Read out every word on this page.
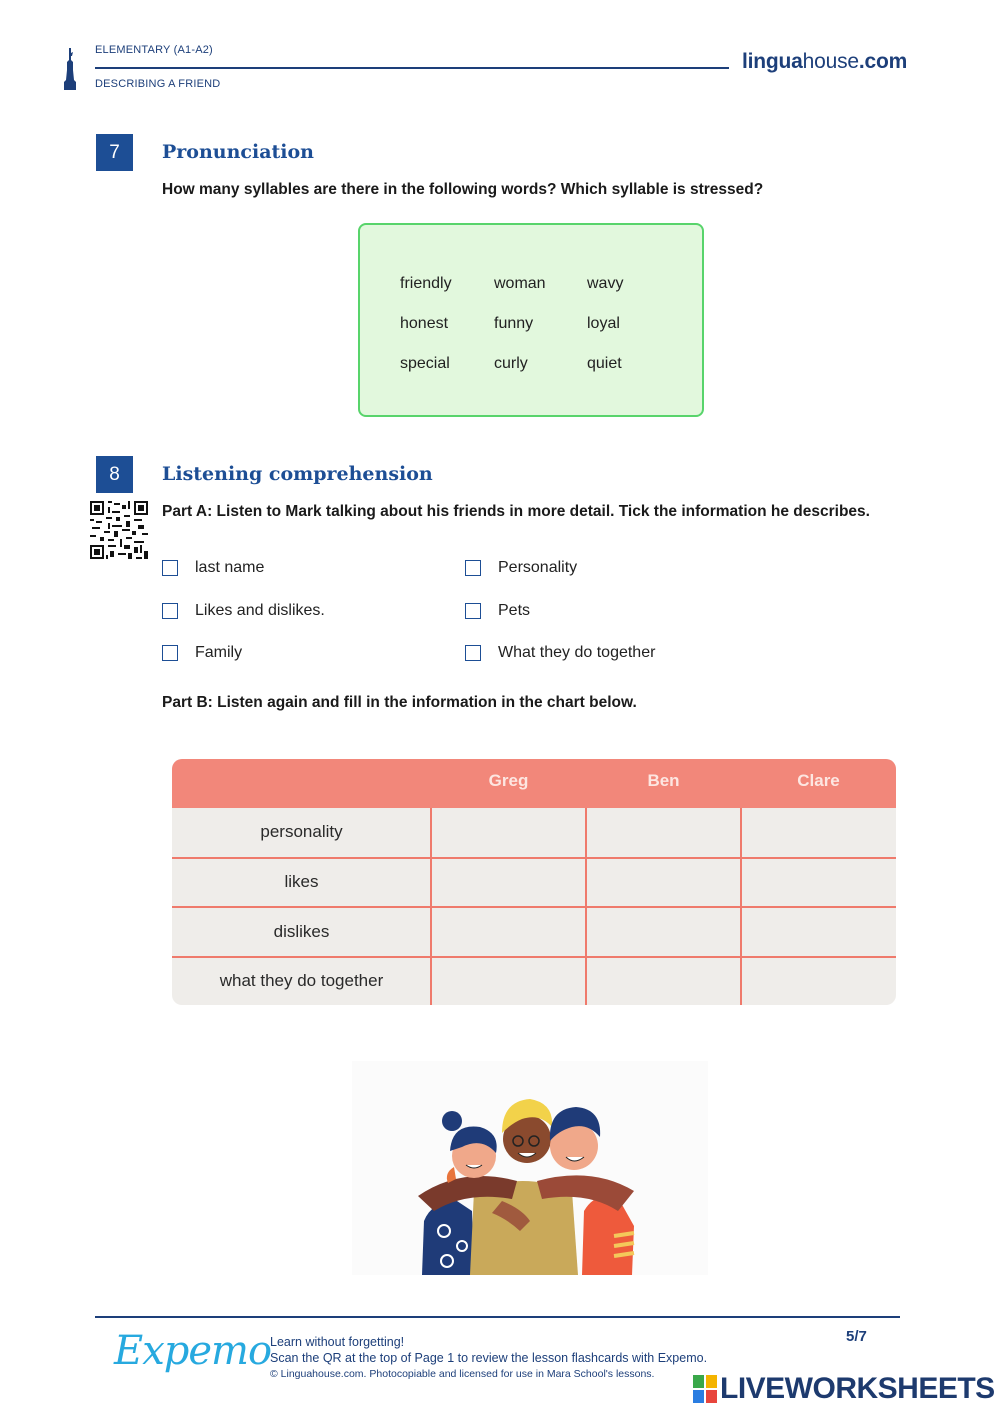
ELEMENTARY (A1-A2)
DESCRIBING A FRIEND
linguahouse.com
7	Pronunciation
How many syllables are there in the following words? Which syllable is stressed?
friendly	woman	wavy
honest	funny	loyal
special	curly	quiet
8	Listening comprehension
Part A: Listen to Mark talking about his friends in more detail. Tick the information he describes.
last name
Likes and dislikes.
Family
Personality
Pets
What they do together
Part B: Listen again and fill in the information in the chart below.
Greg	Ben	Clare
personality
likes
dislikes
what they do together
Expemo
Learn without forgetting!
Scan the QR at the top of Page 1 to review the lesson flashcards with Expemo.
© Linguahouse.com. Photocopiable and licensed for use in Mara School's lessons.
5/7
LIVEWORKSHEETS
